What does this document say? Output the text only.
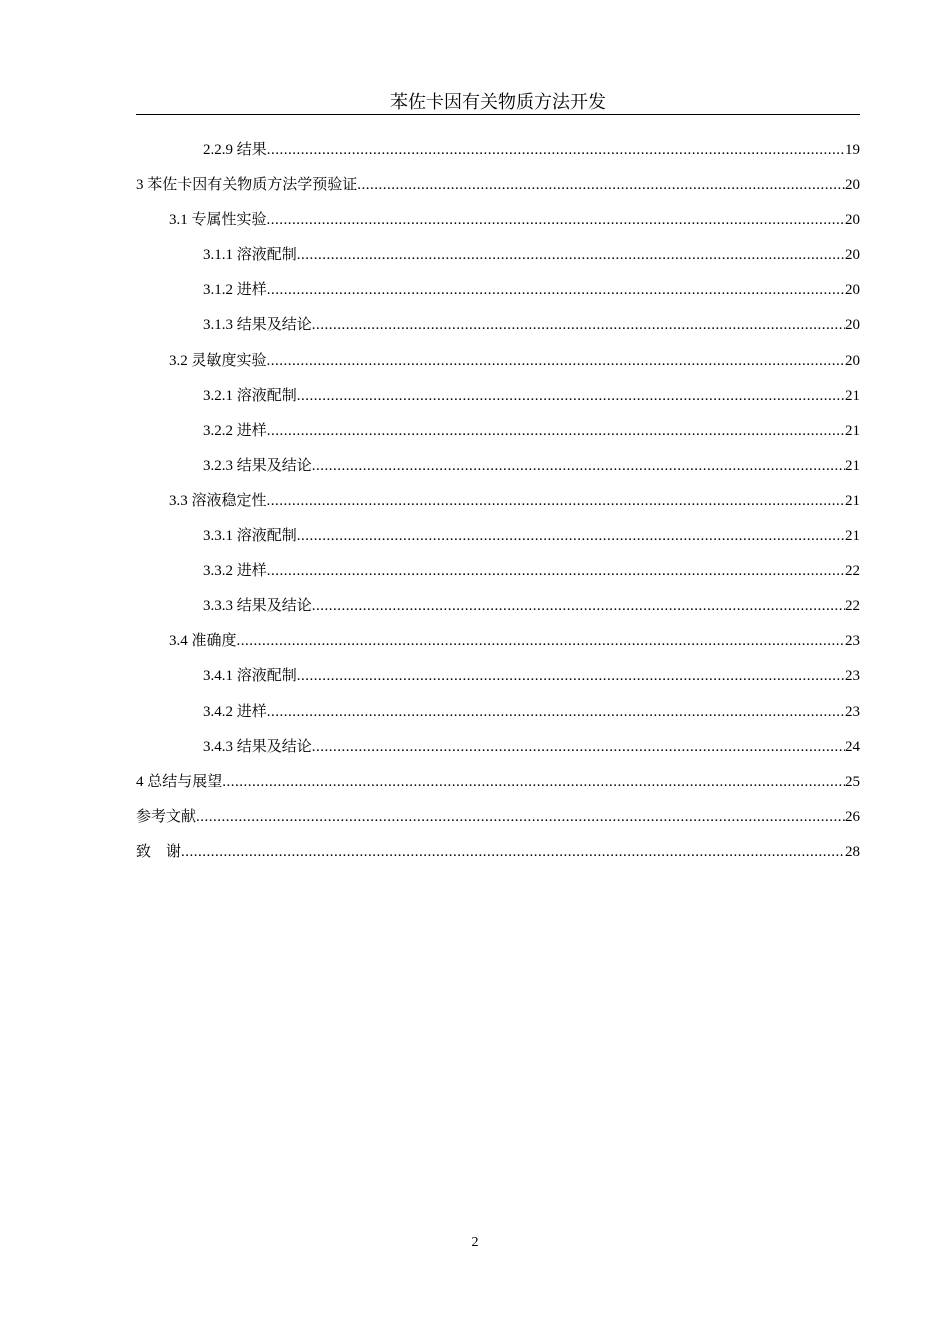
苯佐卡因有关物质方法开发
2.2.9 结果 .....	19
3 苯佐卡因有关物质方法学预验证 .....	20
3.1 专属性实验 .....	20
3.1.1 溶液配制 .....	20
3.1.2 进样 .....	20
3.1.3 结果及结论 .....	20
3.2 灵敏度实验 .....	20
3.2.1 溶液配制 .....	21
3.2.2 进样 .....	21
3.2.3 结果及结论 .....	21
3.3 溶液稳定性 .....	21
3.3.1 溶液配制 .....	21
3.3.2 进样 .....	22
3.3.3 结果及结论 .....	22
3.4 准确度 .....	23
3.4.1 溶液配制 .....	23
3.4.2 进样 .....	23
3.4.3 结果及结论 .....	24
4 总结与展望 .....	25
参考文献 .....	26
致　谢 .....	28
2
